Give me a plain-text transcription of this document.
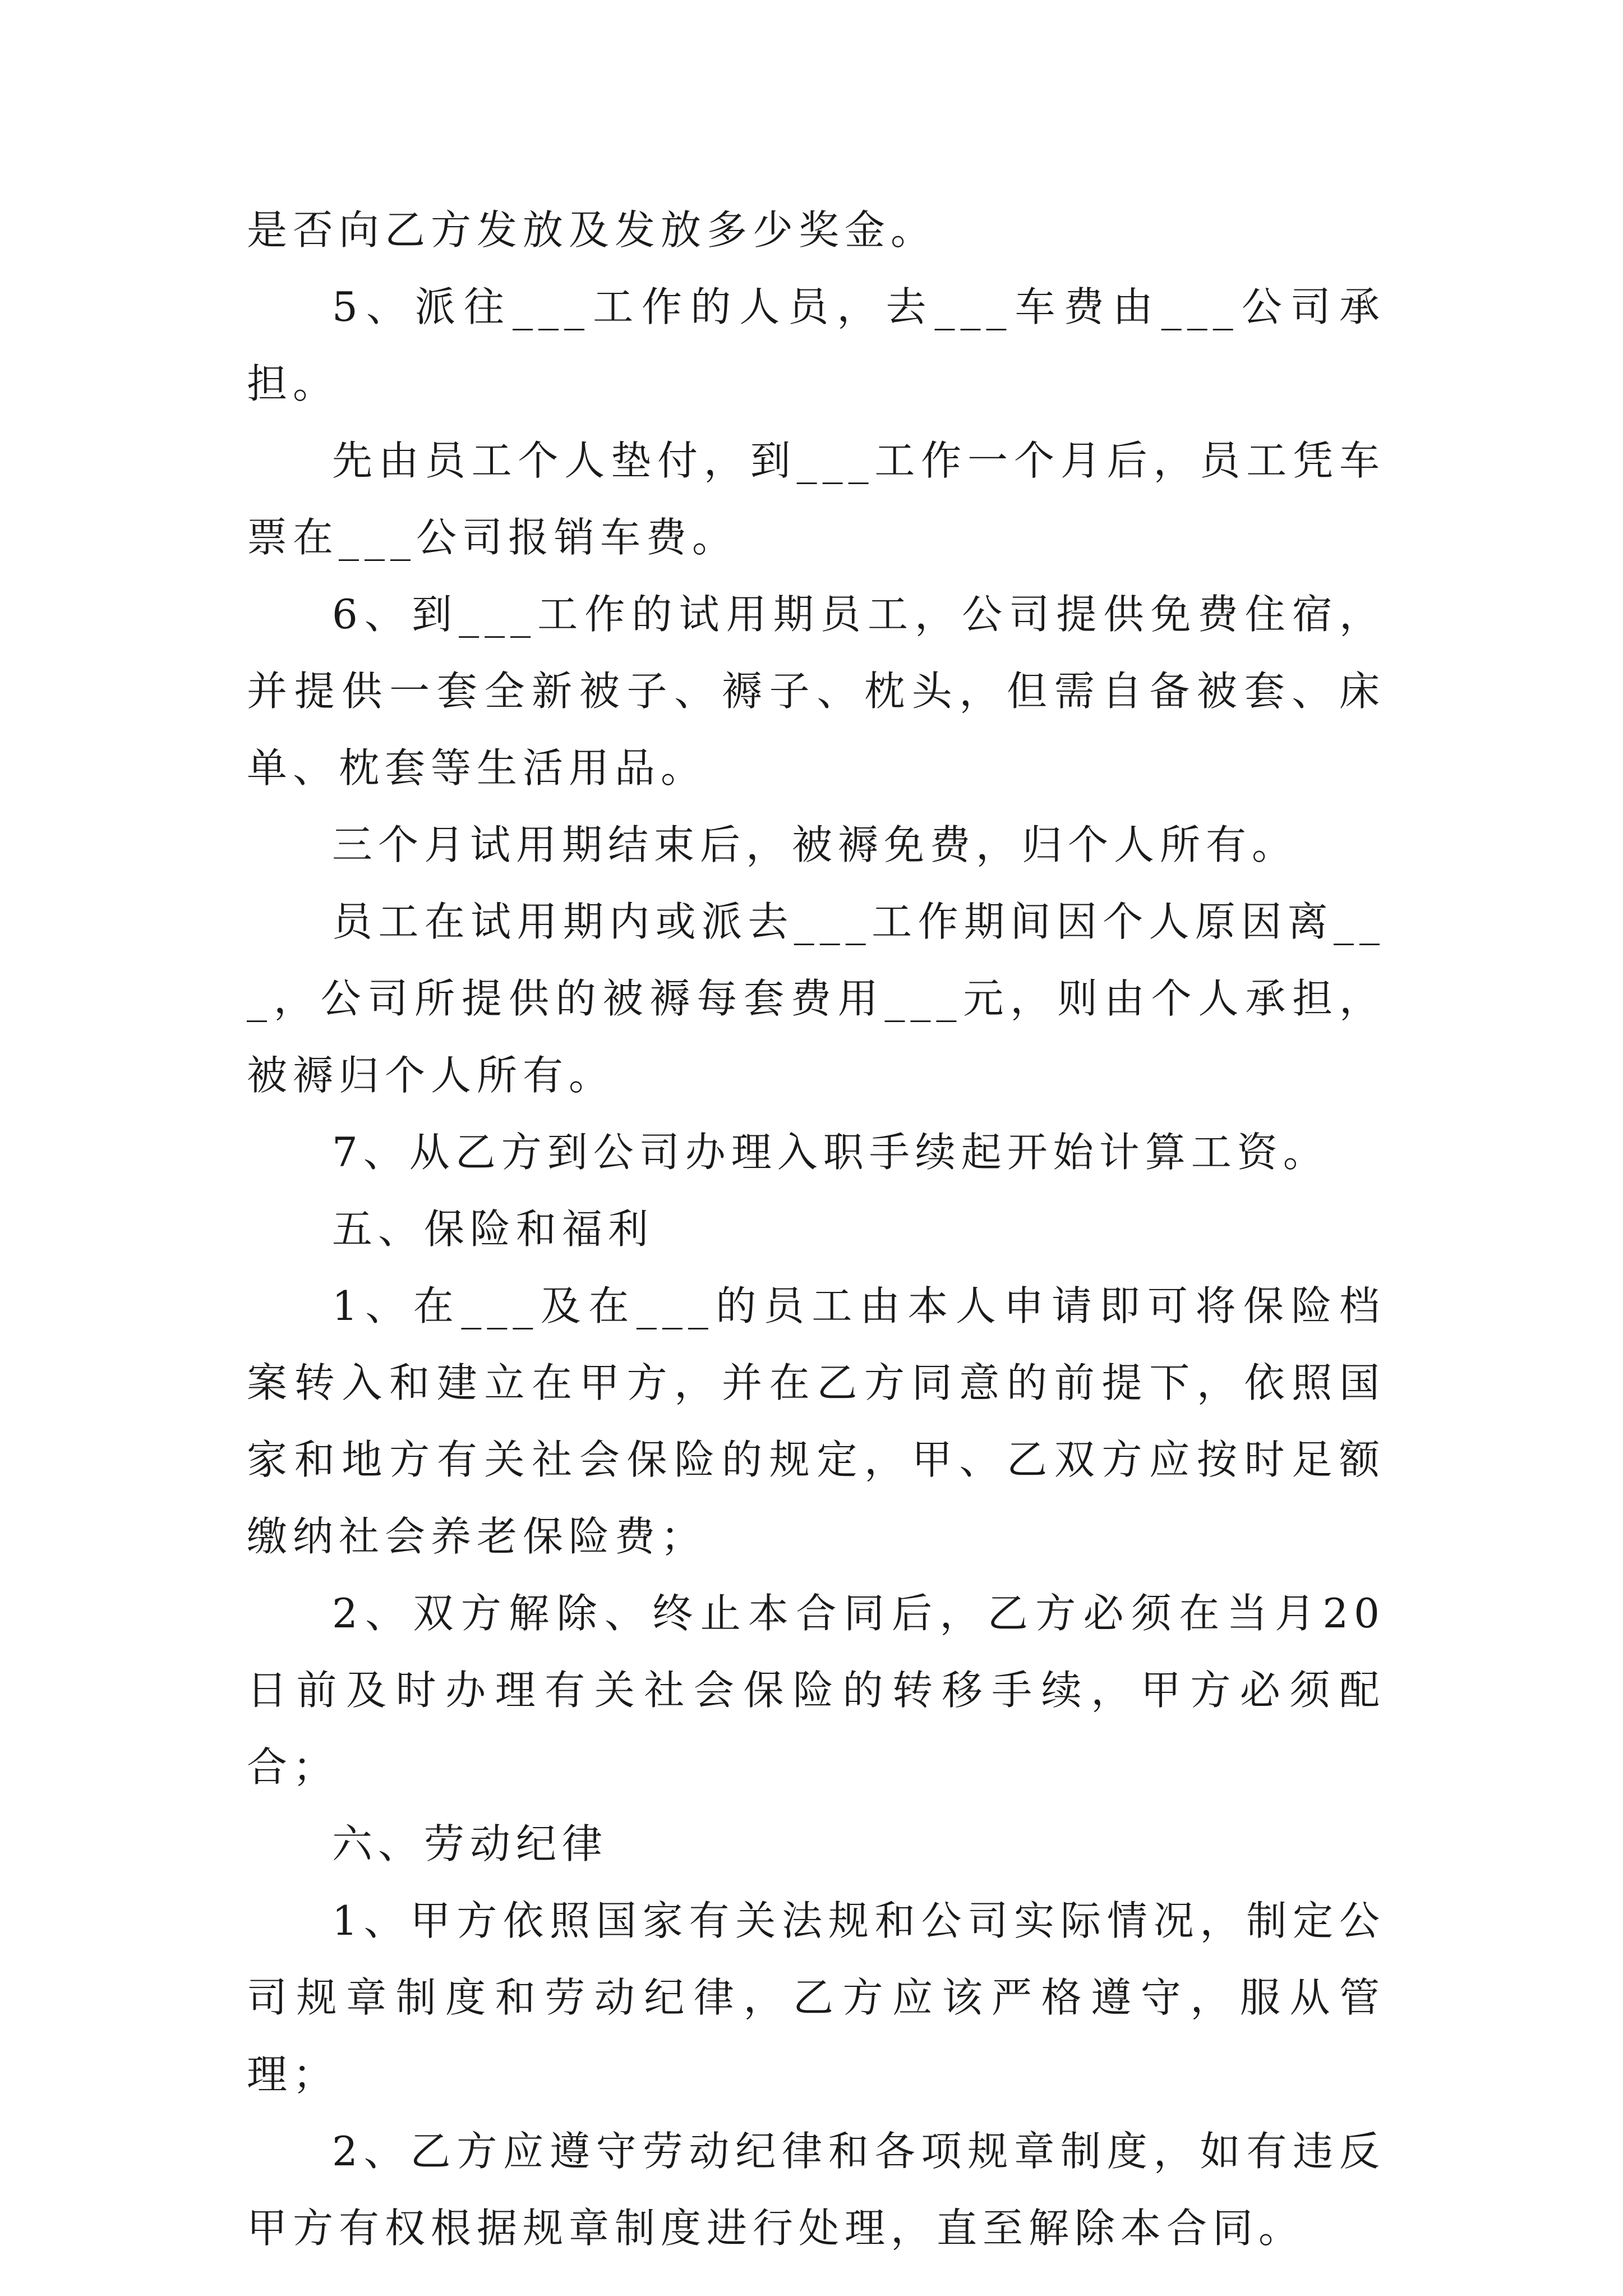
是否向乙方发放及发放多少奖金。

5、派往___工作的人员，去___车费由___公司承担。

先由员工个人垫付，到___工作一个月后，员工凭车票在___公司报销车费。

6、到___工作的试用期员工，公司提供免费住宿，并提供一套全新被子、褥子、枕头，但需自备被套、床单、枕套等生活用品。

三个月试用期结束后，被褥免费，归个人所有。

员工在试用期内或派去___工作期间因个人原因离___，公司所提供的被褥每套费用___元，则由个人承担，被褥归个人所有。

7、从乙方到公司办理入职手续起开始计算工资。

五、保险和福利

1、在___及在___的员工由本人申请即可将保险档案转入和建立在甲方，并在乙方同意的前提下，依照国家和地方有关社会保险的规定，甲、乙双方应按时足额缴纳社会养老保险费；

2、双方解除、终止本合同后，乙方必须在当月20日前及时办理有关社会保险的转移手续，甲方必须配合；

六、劳动纪律

1、甲方依照国家有关法规和公司实际情况，制定公司规章制度和劳动纪律，乙方应该严格遵守，服从管理；

2、乙方应遵守劳动纪律和各项规章制度，如有违反甲方有权根据规章制度进行处理，直至解除本合同。
